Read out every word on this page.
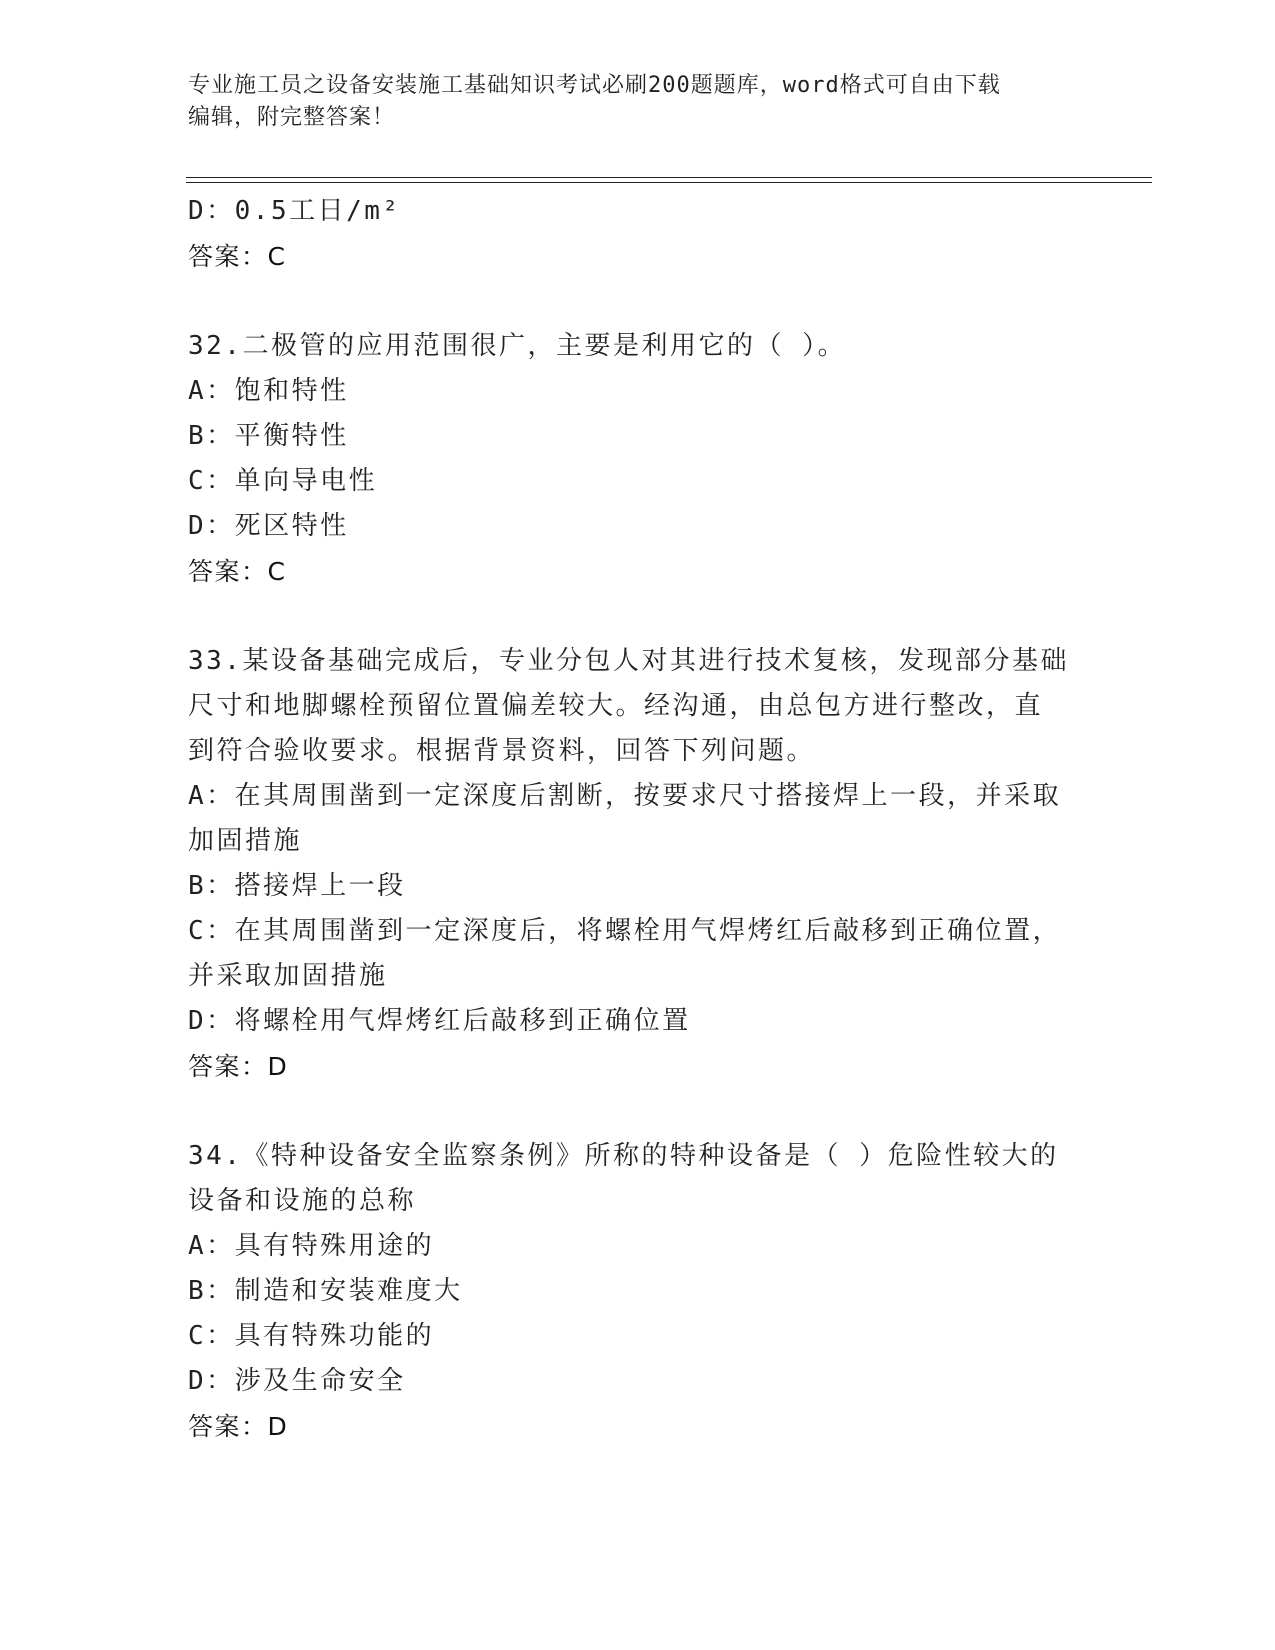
专业施工员之设备安装施工基础知识考试必刷200题题库，word格式可自由下载
编辑，附完整答案！
D：0.5工日/m²
答案：C
32.二极管的应用范围很广，主要是利用它的（ ）。
A：饱和特性
B：平衡特性
C：单向导电性
D：死区特性
答案：C
33.某设备基础完成后，专业分包人对其进行技术复核，发现部分基础
尺寸和地脚螺栓预留位置偏差较大。经沟通，由总包方进行整改，直
到符合验收要求。根据背景资料，回答下列问题。
A：在其周围凿到一定深度后割断，按要求尺寸搭接焊上一段，并采取
加固措施
B：搭接焊上一段
C：在其周围凿到一定深度后，将螺栓用气焊烤红后敲移到正确位置，
并采取加固措施
D：将螺栓用气焊烤红后敲移到正确位置
答案：D
34.《特种设备安全监察条例》所称的特种设备是（ ）危险性较大的
设备和设施的总称
A：具有特殊用途的
B：制造和安装难度大
C：具有特殊功能的
D：涉及生命安全
答案：D
